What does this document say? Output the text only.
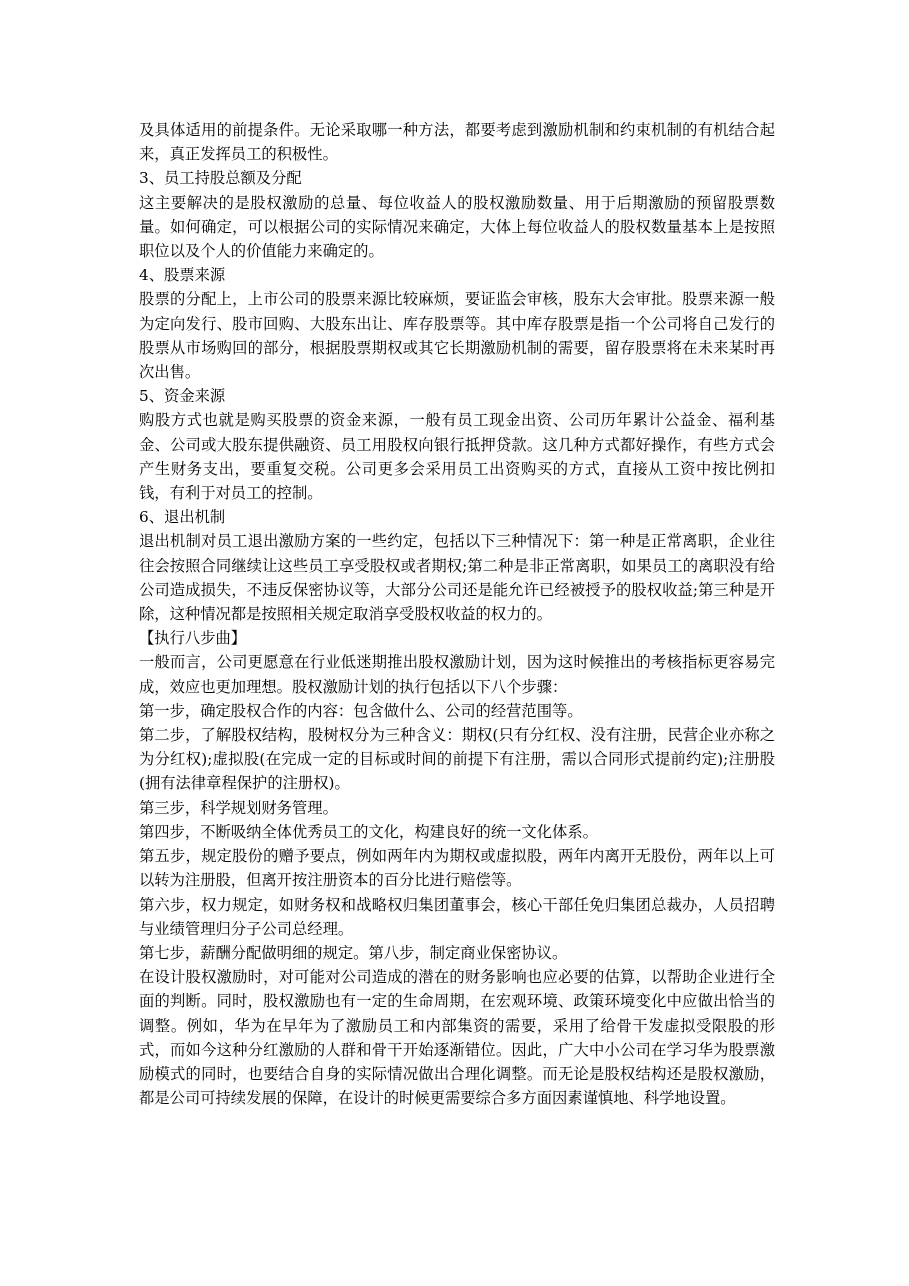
及具体适用的前提条件。无论采取哪一种方法，都要考虑到激励机制和约束机制的有机结合起来，真正发挥员工的积极性。

3、员工持股总额及分配

这主要解决的是股权激励的总量、每位收益人的股权激励数量、用于后期激励的预留股票数量。如何确定，可以根据公司的实际情况来确定，大体上每位收益人的股权数量基本上是按照职位以及个人的价值能力来确定的。

4、股票来源

股票的分配上，上市公司的股票来源比较麻烦，要证监会审核，股东大会审批。股票来源一般为定向发行、股市回购、大股东出让、库存股票等。其中库存股票是指一个公司将自己发行的股票从市场购回的部分，根据股票期权或其它长期激励机制的需要，留存股票将在未来某时再次出售。

5、资金来源

购股方式也就是购买股票的资金来源，一般有员工现金出资、公司历年累计公益金、福利基金、公司或大股东提供融资、员工用股权向银行抵押贷款。这几种方式都好操作，有些方式会产生财务支出，要重复交税。公司更多会采用员工出资购买的方式，直接从工资中按比例扣钱，有利于对员工的控制。

6、退出机制

退出机制对员工退出激励方案的一些约定，包括以下三种情况下：第一种是正常离职，企业往往会按照合同继续让这些员工享受股权或者期权;第二种是非正常离职，如果员工的离职没有给公司造成损失，不违反保密协议等，大部分公司还是能允许已经被授予的股权收益;第三种是开除，这种情况都是按照相关规定取消享受股权收益的权力的。

【执行八步曲】

一般而言，公司更愿意在行业低迷期推出股权激励计划，因为这时候推出的考核指标更容易完成，效应也更加理想。股权激励计划的执行包括以下八个步骤：

第一步，确定股权合作的内容：包含做什么、公司的经营范围等。

第二步，了解股权结构，股树权分为三种含义：期权(只有分红权、没有注册，民营企业亦称之为分红权);虚拟股(在完成一定的目标或时间的前提下有注册，需以合同形式提前约定);注册股(拥有法律章程保护的注册权)。

第三步，科学规划财务管理。

第四步，不断吸纳全体优秀员工的文化，构建良好的统一文化体系。

第五步，规定股份的赠予要点，例如两年内为期权或虚拟股，两年内离开无股份，两年以上可以转为注册股，但离开按注册资本的百分比进行赔偿等。

第六步，权力规定，如财务权和战略权归集团董事会，核心干部任免归集团总裁办，人员招聘与业绩管理归分子公司总经理。

第七步，薪酬分配做明细的规定。第八步，制定商业保密协议。

在设计股权激励时，对可能对公司造成的潜在的财务影响也应必要的估算，以帮助企业进行全面的判断。同时，股权激励也有一定的生命周期，在宏观环境、政策环境变化中应做出恰当的调整。例如，华为在早年为了激励员工和内部集资的需要，采用了给骨干发虚拟受限股的形式，而如今这种分红激励的人群和骨干开始逐渐错位。因此，广大中小公司在学习华为股票激励模式的同时，也要结合自身的实际情况做出合理化调整。而无论是股权结构还是股权激励，都是公司可持续发展的保障，在设计的时候更需要综合多方面因素谨慎地、科学地设置。
